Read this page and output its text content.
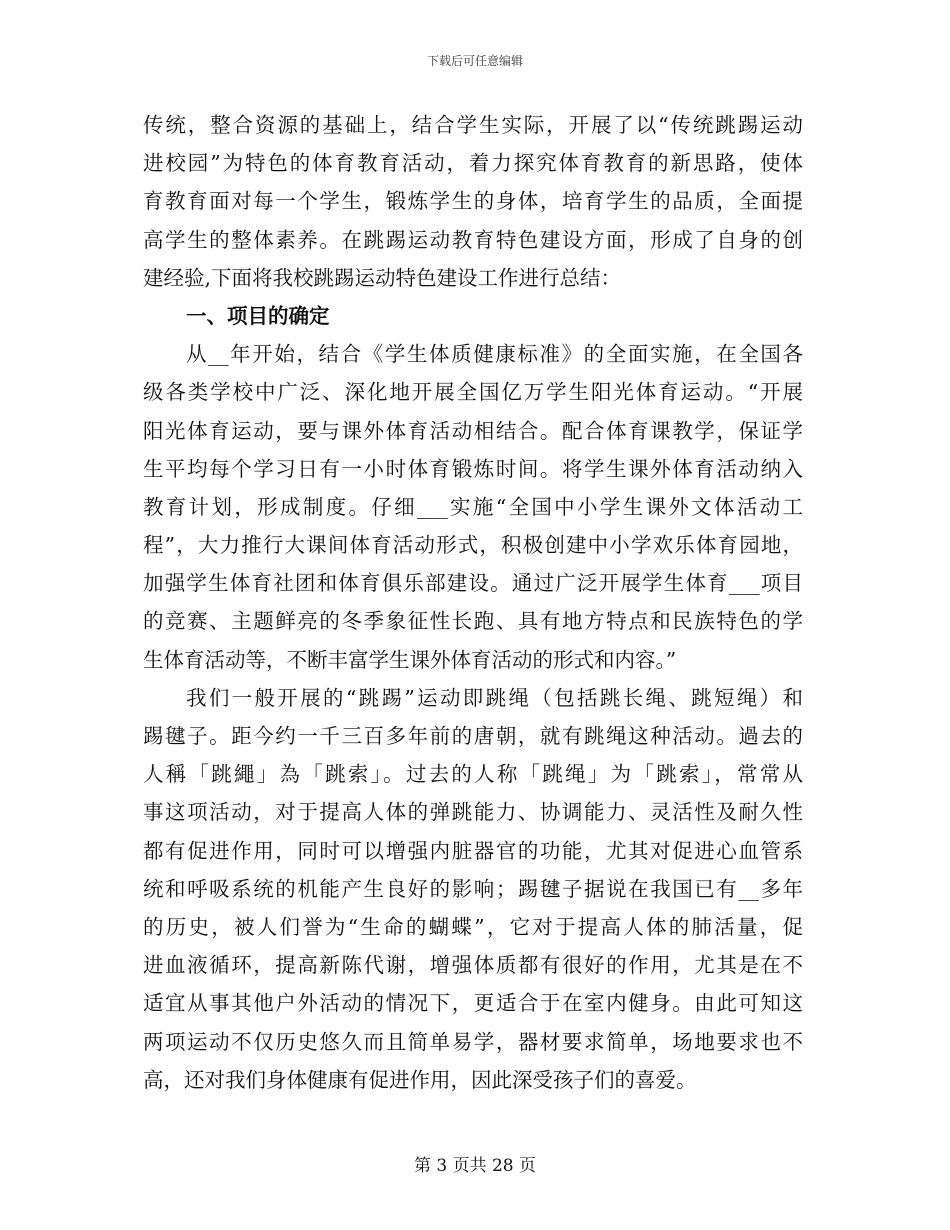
下载后可任意编辑
传统，整合资源的基础上，结合学生实际，开展了以“传统跳踢运动
进校园”为特色的体育教育活动，着力探究体育教育的新思路，使体
育教育面对每一个学生，锻炼学生的身体，培育学生的品质，全面提
高学生的整体素养。在跳踢运动教育特色建设方面，形成了自身的创
建经验,下面将我校跳踢运动特色建设工作进行总结：
一、项目的确定
从__年开始，结合《学生体质健康标准》的全面实施，在全国各
级各类学校中广泛、深化地开展全国亿万学生阳光体育运动。“开展
阳光体育运动，要与课外体育活动相结合。配合体育课教学，保证学
生平均每个学习日有一小时体育锻炼时间。将学生课外体育活动纳入
教育计划，形成制度。仔细___实施“全国中小学生课外文体活动工
程”，大力推行大课间体育活动形式，积极创建中小学欢乐体育园地，
加强学生体育社团和体育俱乐部建设。通过广泛开展学生体育___项目
的竞赛、主题鲜亮的冬季象征性长跑、具有地方特点和民族特色的学
生体育活动等，不断丰富学生课外体育活动的形式和内容。”
我们一般开展的“跳踢”运动即跳绳（包括跳长绳、跳短绳）和
踢毽子。距今约一千三百多年前的唐朝，就有跳绳这种活动。過去的
人稱「跳繩」為「跳索」。过去的人称「跳绳」为「跳索」，常常从
事这项活动，对于提高人体的弹跳能力、协调能力、灵活性及耐久性
都有促进作用，同时可以增强内脏器官的功能，尤其对促进心血管系
统和呼吸系统的机能产生良好的影响；踢毽子据说在我国已有__多年
的历史，被人们誉为“生命的蝴蝶”，它对于提高人体的肺活量，促
进血液循环，提高新陈代谢，增强体质都有很好的作用，尤其是在不
适宜从事其他户外活动的情况下，更适合于在室内健身。由此可知这
两项运动不仅历史悠久而且简单易学，器材要求简单，场地要求也不
高，还对我们身体健康有促进作用，因此深受孩子们的喜爱。
第 3 页共 28 页
